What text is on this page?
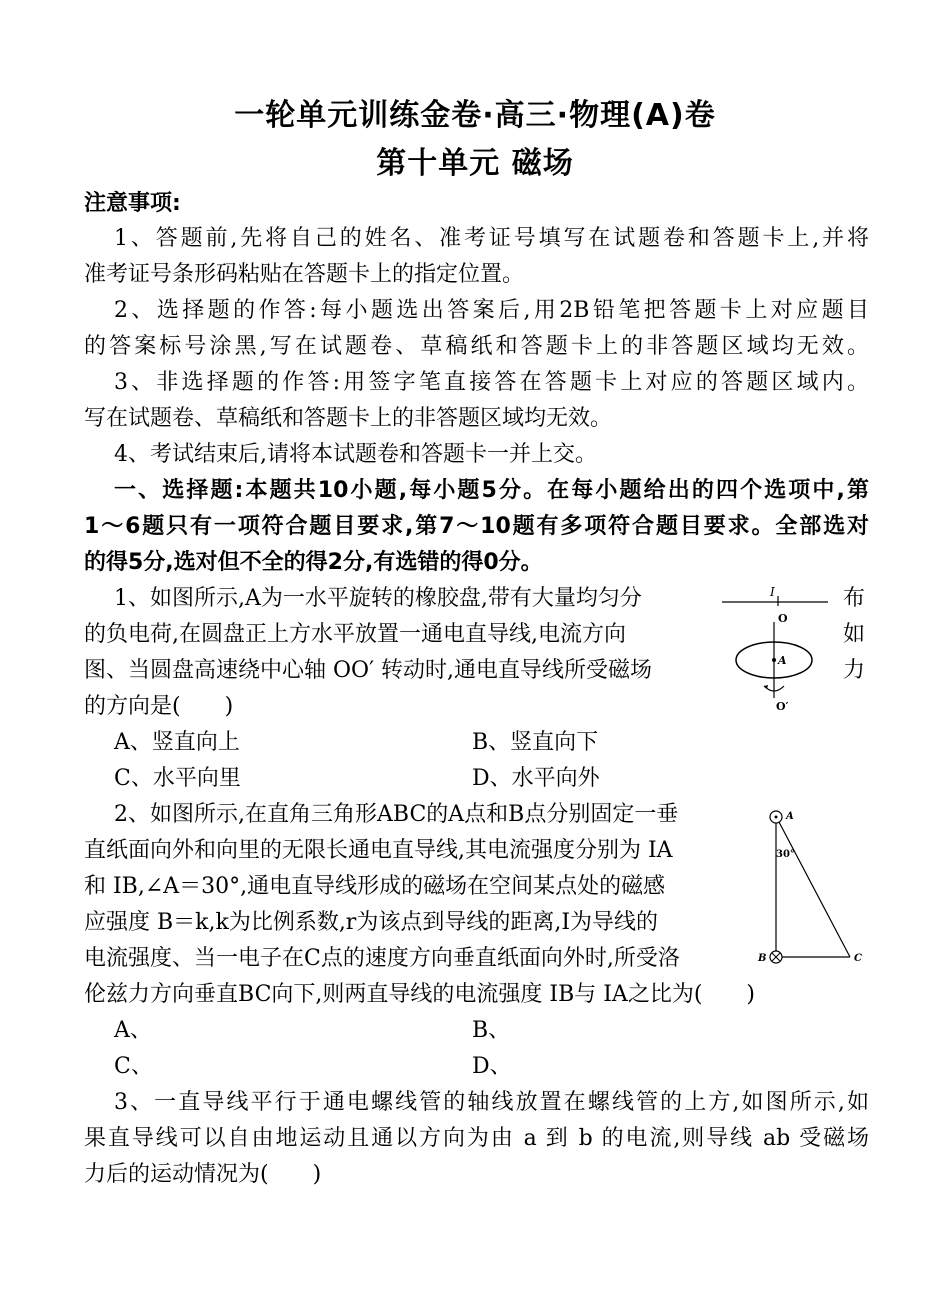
一轮单元训练金卷·高三·物理(A)卷
第十单元 磁场
注意事项:
1、答题前,先将自己的姓名、准考证号填写在试题卷和答题卡上,并将
准考证号条形码粘贴在答题卡上的指定位置。
2、选择题的作答:每小题选出答案后,用2B铅笔把答题卡上对应题目
的答案标号涂黑,写在试题卷、草稿纸和答题卡上的非答题区域均无效。
3、非选择题的作答:用签字笔直接答在答题卡上对应的答题区域内。
写在试题卷、草稿纸和答题卡上的非答题区域均无效。
4、考试结束后,请将本试题卷和答题卡一并上交。
一、选择题:本题共10小题,每小题5分。在每小题给出的四个选项中,第
1～6题只有一项符合题目要求,第7～10题有多项符合题目要求。全部选对
的得5分,选对但不全的得2分,有选错的得0分。
1、如图所示,A为一水平旋转的橡胶盘,带有大量均匀分
的负电荷,在圆盘正上方水平放置一通电直导线,电流方向
图、当圆盘高速绕中心轴 OO′ 转动时,通电直导线所受磁场
的方向是(　　)
布
如
力
I
O
A
O′
A、竖直向上	B、竖直向下
C、水平向里	D、水平向外
2、如图所示,在直角三角形ABC的A点和B点分别固定一垂
直纸面向外和向里的无限长通电直导线,其电流强度分别为 IA
和 IB,∠A＝30°,通电直导线形成的磁场在空间某点处的磁感
应强度 B＝k,k为比例系数,r为该点到导线的距离,I为导线的
电流强度、当一电子在C点的速度方向垂直纸面向外时,所受洛
伦兹力方向垂直BC向下,则两直导线的电流强度 IB与 IA之比为(　　)
A
30°
B	C
A、	B、
C、	D、
3、一直导线平行于通电螺线管的轴线放置在螺线管的上方,如图所示,如
果直导线可以自由地运动且通以方向为由 a 到 b 的电流,则导线 ab 受磁场
力后的运动情况为(　　)
